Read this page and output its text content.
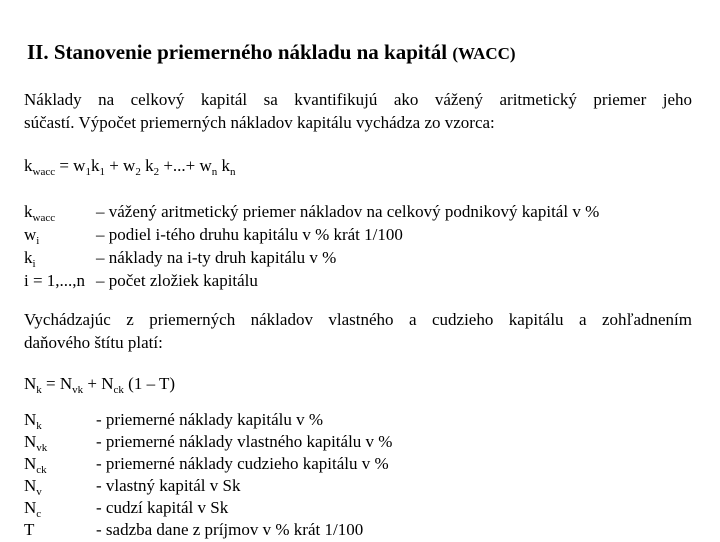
II. Stanovenie priemerného nákladu na kapitál (WACC)
Náklady na celkový kapitál sa kvantifikujú ako vážený aritmetický priemer jeho
súčastí. Výpočet priemerných nákladov kapitálu vychádza zo vzorca:
$k_{wacc} = w_1k_1 + w_2$ $k_2$ +...+ $w_n$ $k_n$
$k_{wacc}$ – vážený aritmetický priemer nákladov na celkový podnikový kapitál v %
$w_i$	– podiel i-tého druhu kapitálu v % krát 1/100
$k_i$	– náklady na i-ty druh kapitálu v %
i = 1,...,n – počet zložiek kapitálu
Vychádzajúc z priemerných nákladov vlastného a cudzieho kapitálu a zohľadnením
daňového štítu platí:
$N_k = N_{vk} + N_{ck}$ (1 – T)
$N_k$	- priemerné náklady kapitálu v %
$N_{vk}$	- priemerné náklady vlastného kapitálu v %
$N_{ck}$	- priemerné náklady cudzieho kapitálu v %
$N_v$	- vlastný kapitál v Sk
$N_c$	- cudzí kapitál v Sk
T	- sadzba dane z príjmov v % krát 1/100
